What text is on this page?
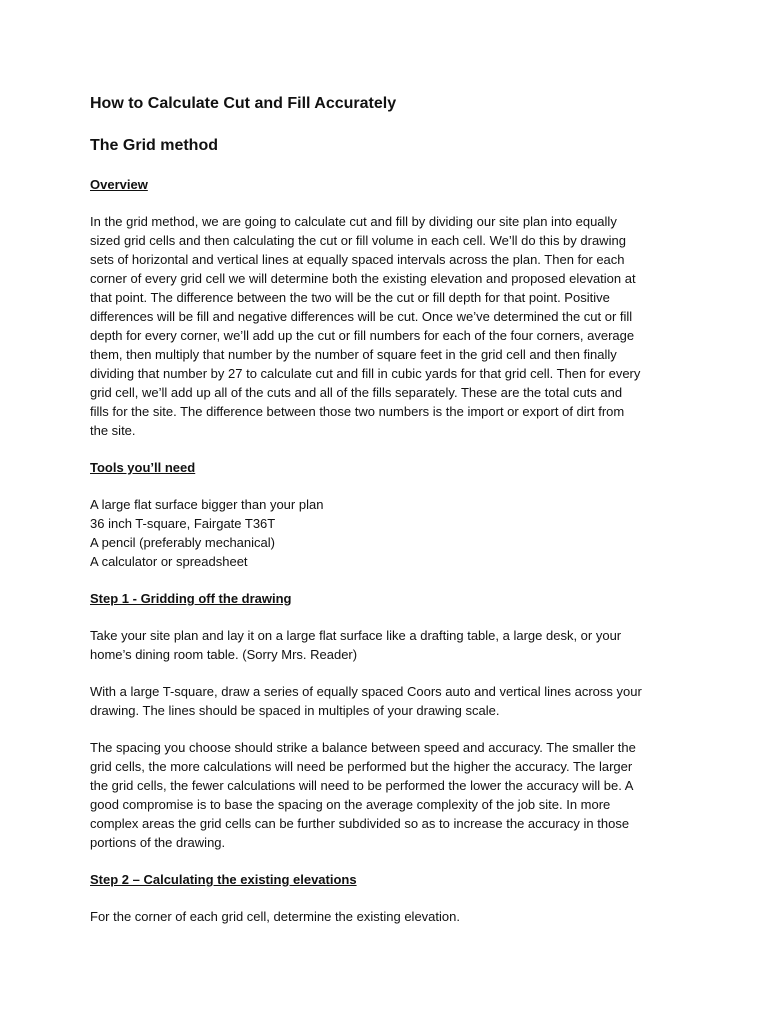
How to Calculate Cut and Fill Accurately
The Grid method
Overview
In the grid method, we are going to calculate cut and fill by dividing our site plan into equally
sized grid cells and then calculating the cut or fill volume in each cell. We’ll do this by drawing
sets of horizontal and vertical lines at equally spaced intervals across the plan. Then for each
corner of every grid cell we will determine both the existing elevation and proposed elevation at
that point. The difference between the two will be the cut or fill depth for that point. Positive
differences will be fill and negative differences will be cut. Once we’ve determined the cut or fill
depth for every corner, we’ll add up the cut or fill numbers for each of the four corners, average
them, then multiply that number by the number of square feet in the grid cell and then finally
dividing that number by 27 to calculate cut and fill in cubic yards for that grid cell. Then for every
grid cell, we’ll add up all of the cuts and all of the fills separately. These are the total cuts and
fills for the site. The difference between those two numbers is the import or export of dirt from
the site.
Tools you’ll need
A large flat surface bigger than your plan
36 inch T-square, Fairgate T36T
A pencil (preferably mechanical)
A calculator or spreadsheet
Step 1 - Gridding off the drawing
Take your site plan and lay it on a large flat surface like a drafting table, a large desk, or your
home’s dining room table. (Sorry Mrs. Reader)
With a large T-square, draw a series of equally spaced Coors auto and vertical lines across your
drawing. The lines should be spaced in multiples of your drawing scale.
The spacing you choose should strike a balance between speed and accuracy. The smaller the
grid cells, the more calculations will need be performed but the higher the accuracy. The larger
the grid cells, the fewer calculations will need to be performed the lower the accuracy will be. A
good compromise is to base the spacing on the average complexity of the job site. In more
complex areas the grid cells can be further subdivided so as to increase the accuracy in those
portions of the drawing.
Step 2 – Calculating the existing elevations
For the corner of each grid cell, determine the existing elevation.
